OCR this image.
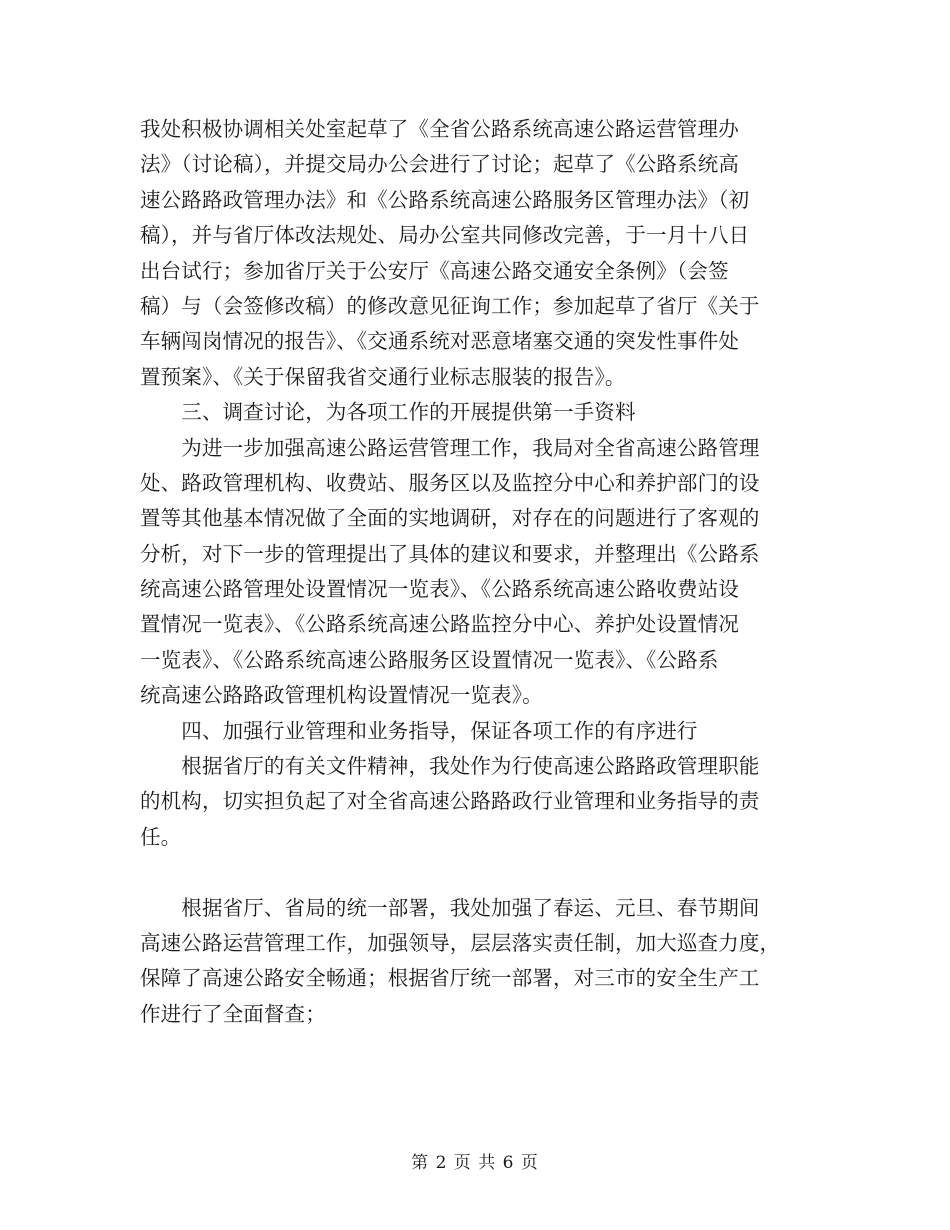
我处积极协调相关处室起草了《全省公路系统高速公路运营管理办
法》（讨论稿），并提交局办公会进行了讨论；起草了《公路系统高
速公路路政管理办法》和《公路系统高速公路服务区管理办法》（初
稿），并与省厅体改法规处、局办公室共同修改完善，于一月十八日
出台试行；参加省厅关于公安厅《高速公路交通安全条例》（会签
稿）与（会签修改稿）的修改意见征询工作；参加起草了省厅《关于
车辆闯岗情况的报告》、《交通系统对恶意堵塞交通的突发性事件处
置预案》、《关于保留我省交通行业标志服装的报告》。
　　三、调查讨论，为各项工作的开展提供第一手资料
　　为进一步加强高速公路运营管理工作，我局对全省高速公路管理
处、路政管理机构、收费站、服务区以及监控分中心和养护部门的设
置等其他基本情况做了全面的实地调研，对存在的问题进行了客观的
分析，对下一步的管理提出了具体的建议和要求，并整理出《公路系
统高速公路管理处设置情况一览表》、《公路系统高速公路收费站设
置情况一览表》、《公路系统高速公路监控分中心、养护处设置情况
一览表》、《公路系统高速公路服务区设置情况一览表》、《公路系
统高速公路路政管理机构设置情况一览表》。
　　四、加强行业管理和业务指导，保证各项工作的有序进行
　　根据省厅的有关文件精神，我处作为行使高速公路路政管理职能
的机构，切实担负起了对全省高速公路路政行业管理和业务指导的责
任。
　　根据省厅、省局的统一部署，我处加强了春运、元旦、春节期间
高速公路运营管理工作，加强领导，层层落实责任制，加大巡查力度，
保障了高速公路安全畅通；根据省厅统一部署，对三市的安全生产工
作进行了全面督查；
第 2 页 共 6 页
